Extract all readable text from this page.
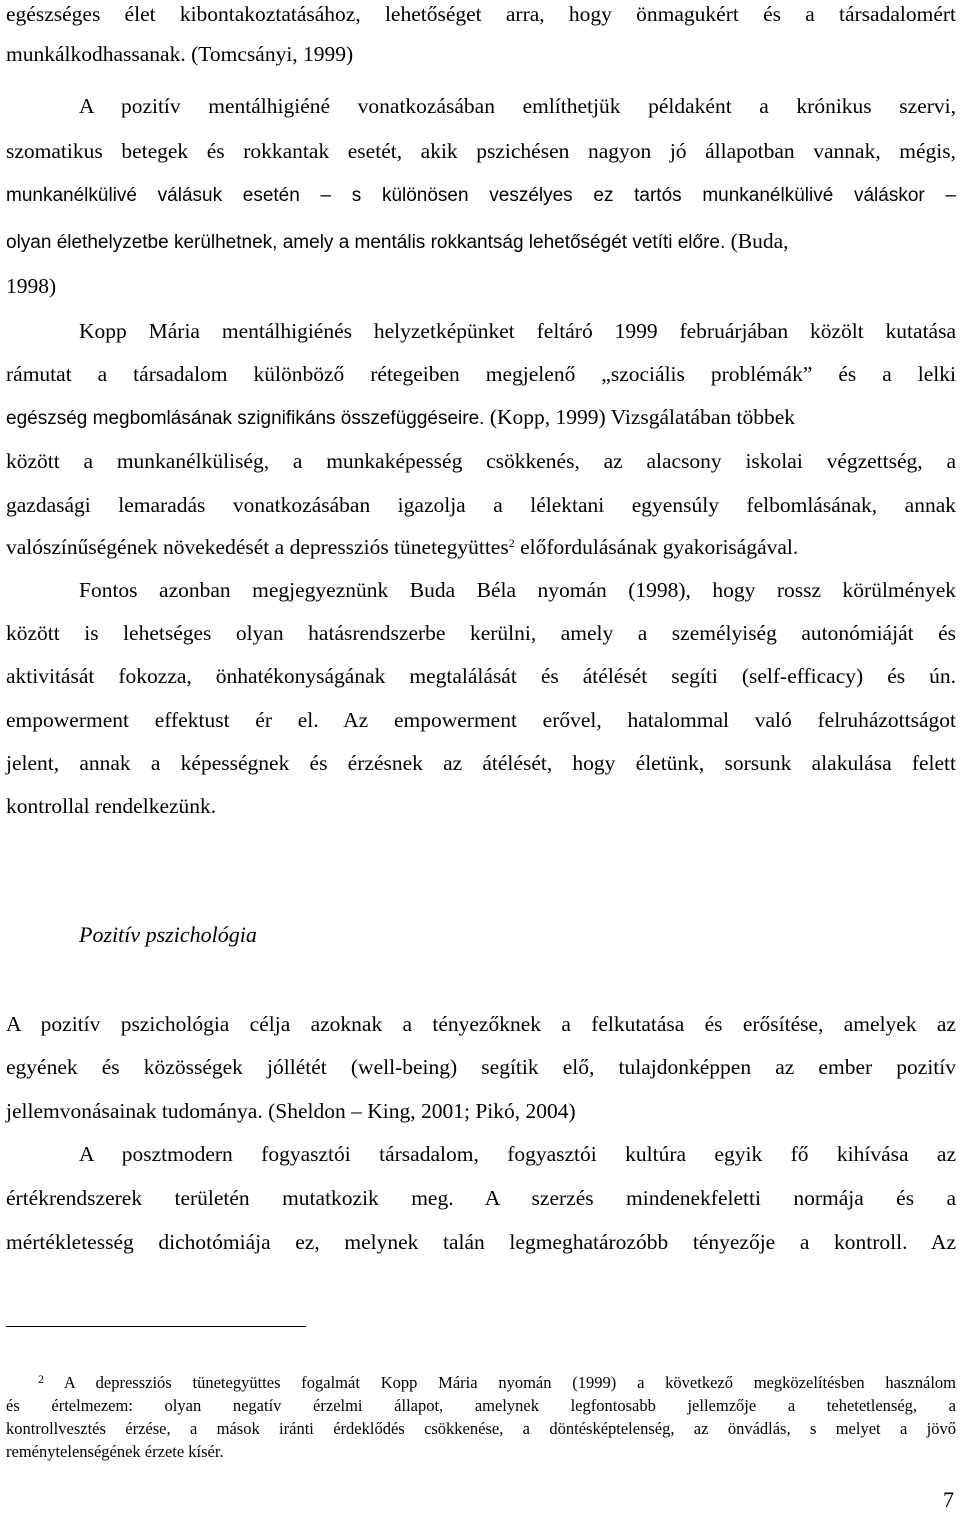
egészséges élet kibontakoztatásához, lehetőséget arra, hogy önmagukért és a társadalomért
munkálkodhassanak. (Tomcsányi, 1999)
A pozitív mentálhigiéné vonatkozásában említhetjük példaként a krónikus szervi,
szomatikus betegek és rokkantak esetét, akik pszichésen nagyon jó állapotban vannak, mégis,
munkanélkülivé válásuk esetén – s különösen veszélyes ez tartós munkanélkülivé váláskor –
olyan élethelyzetbe kerülhetnek, amely a mentális rokkantság lehetőségét vetíti előre. (Buda,
1998)
Kopp Mária mentálhigiénés helyzetképünket feltáró 1999 februárjában közölt kutatása
rámutat a társadalom különböző rétegeiben megjelenő „szociális problémák” és a lelki
egészség megbomlásának szignifikáns összefüggéseire. (Kopp, 1999) Vizsgálatában többek
között a munkanélküliség, a munkaképesség csökkenés, az alacsony iskolai végzettség, a
gazdasági lemaradás vonatkozásában igazolja a lélektani egyensúly felbomlásának, annak
valószínűségének növekedését a depressziós tünetegyüttes$^2$ előfordulásának gyakoriságával.
Fontos azonban megjegyeznünk Buda Béla nyomán (1998), hogy rossz körülmények
között is lehetséges olyan hatásrendszerbe kerülni, amely a személyiség autonómiáját és
aktivitását fokozza, önhatékonyságának megtalálását és átélését segíti (self-efficacy) és ún.
empowerment effektust ér el. Az empowerment erővel, hatalommal való felruházottságot
jelent, annak a képességnek és érzésnek az átélését, hogy életünk, sorsunk alakulása felett
kontrollal rendelkezünk.
Pozitív pszichológia
A pozitív pszichológia célja azoknak a tényezőknek a felkutatása és erősítése, amelyek az
egyének és közösségek jóllétét (well-being) segítik elő, tulajdonképpen az ember pozitív
jellemvonásainak tudománya. (Sheldon – King, 2001; Pikó, 2004)
A posztmodern fogyasztói társadalom, fogyasztói kultúra egyik fő kihívása az
értékrendszerek területén mutatkozik meg. A szerzés mindenekfeletti normája és a
mértékletesség dichotómiája ez, melynek talán legmeghatározóbb tényezője a kontroll. Az
$^2$ A depressziós tünetegyüttes fogalmát Kopp Mária nyomán (1999) a következő megközelítésben használom
és értelmezem: olyan negatív érzelmi állapot, amelynek legfontosabb jellemzője a tehetetlenség, a
kontrollvesztés érzése, a mások iránti érdeklődés csökkenése, a döntésképtelenség, az önvádlás, s melyet a jövő
reménytelenségének érzete kísér.
7
